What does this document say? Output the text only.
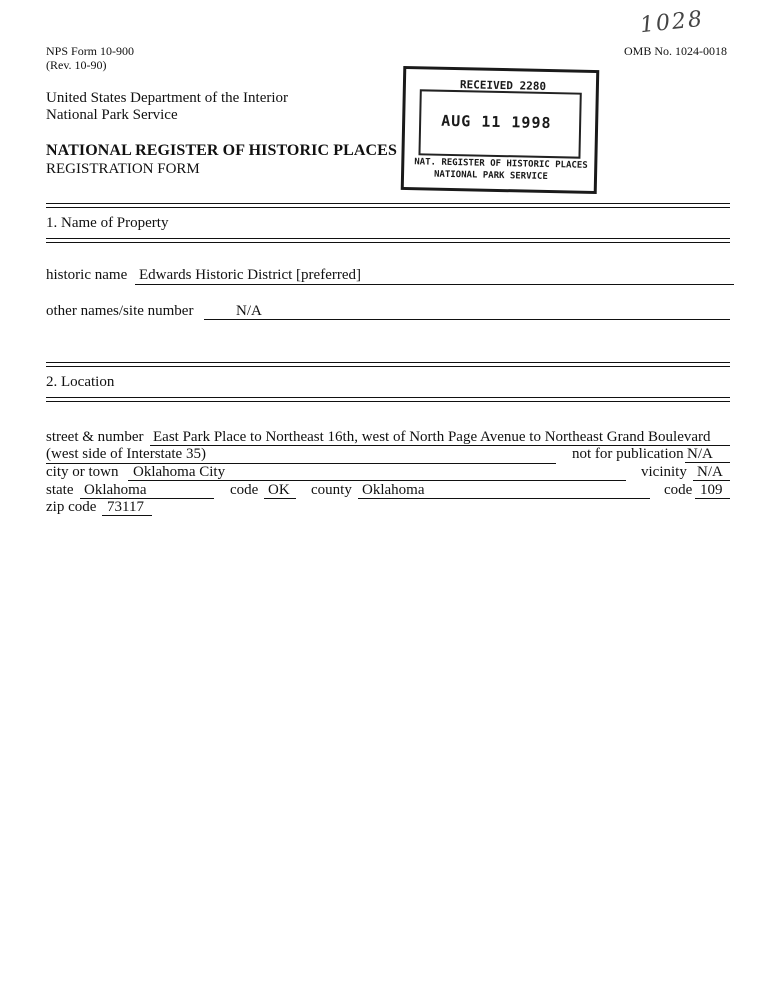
NPS Form 10-900
(Rev. 10-90)
OMB No. 1024-0018
1028
United States Department of the Interior
National Park Service
NATIONAL REGISTER OF HISTORIC PLACES
REGISTRATION FORM
RECEIVED 2280
AUG 11 1998
NAT. REGISTER OF HISTORIC PLACES
NATIONAL PARK SERVICE
1. Name of Property
historic name Edwards Historic District [preferred]
other names/site number	N/A
2. Location
street & number East Park Place to Northeast 16th, west of North Page Avenue to Northeast Grand Boulevard
(west side of Interstate 35)	not for publication N/A
city or town Oklahoma City	vicinity N/A
state Oklahoma	code OK	county Oklahoma	code 109
zip code 73117
